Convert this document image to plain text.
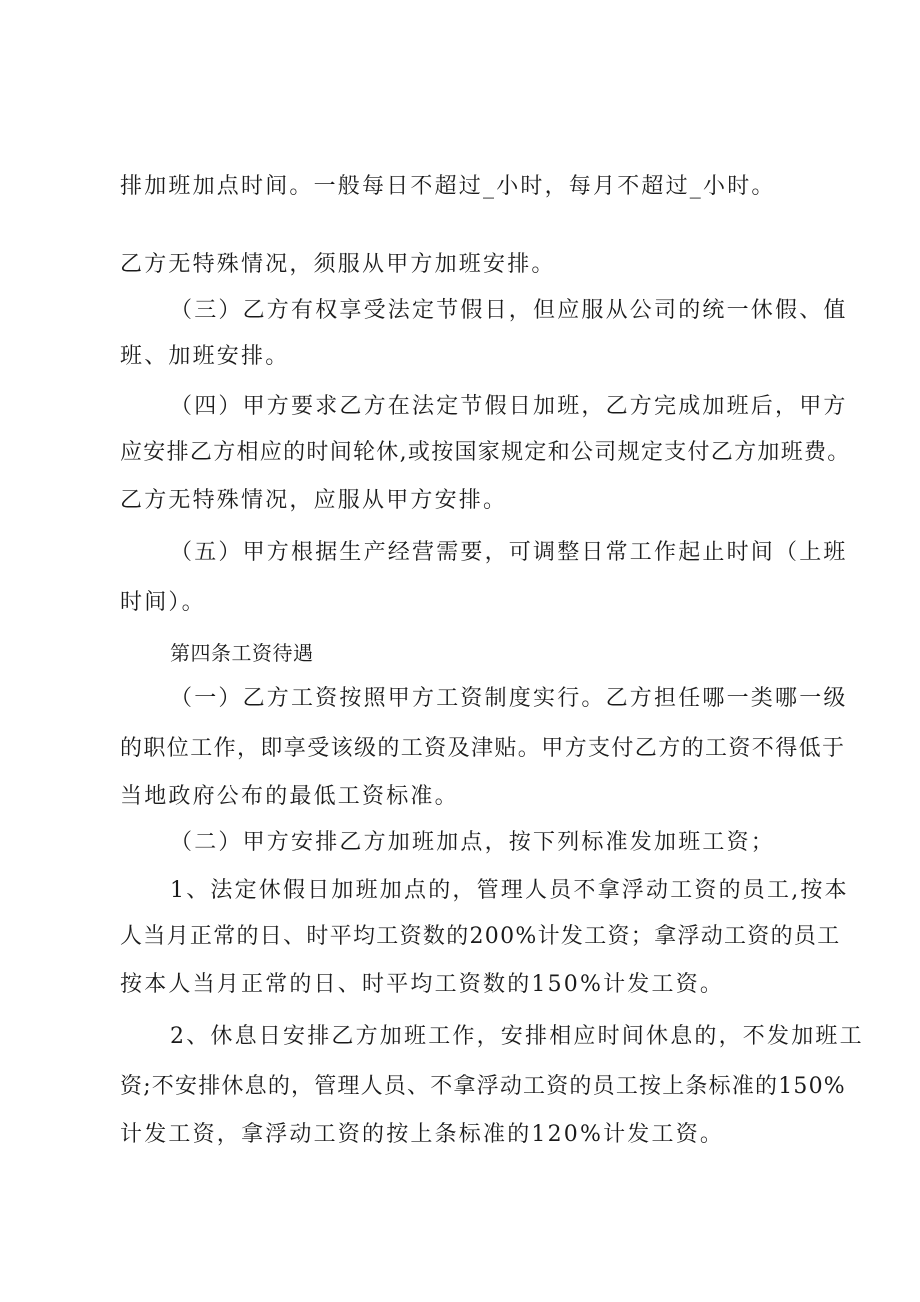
排加班加点时间。一般每日不超过_小时，每月不超过_小时。
乙方无特殊情况，须服从甲方加班安排。
（三）乙方有权享受法定节假日，但应服从公司的统一休假、值
班、加班安排。
（四）甲方要求乙方在法定节假日加班，乙方完成加班后，甲方
应安排乙方相应的时间轮休,或按国家规定和公司规定支付乙方加班费。
乙方无特殊情况，应服从甲方安排。
（五）甲方根据生产经营需要，可调整日常工作起止时间（上班
时间）。
第四条工资待遇
（一）乙方工资按照甲方工资制度实行。乙方担任哪一类哪一级
的职位工作，即享受该级的工资及津贴。甲方支付乙方的工资不得低于
当地政府公布的最低工资标准。
（二）甲方安排乙方加班加点，按下列标准发加班工资；
1、法定休假日加班加点的，管理人员不拿浮动工资的员工,按本
人当月正常的日、时平均工资数的200%计发工资；拿浮动工资的员工
按本人当月正常的日、时平均工资数的150%计发工资。
2、休息日安排乙方加班工作，安排相应时间休息的，不发加班工
资;不安排休息的，管理人员、不拿浮动工资的员工按上条标准的150%
计发工资，拿浮动工资的按上条标准的120%计发工资。
